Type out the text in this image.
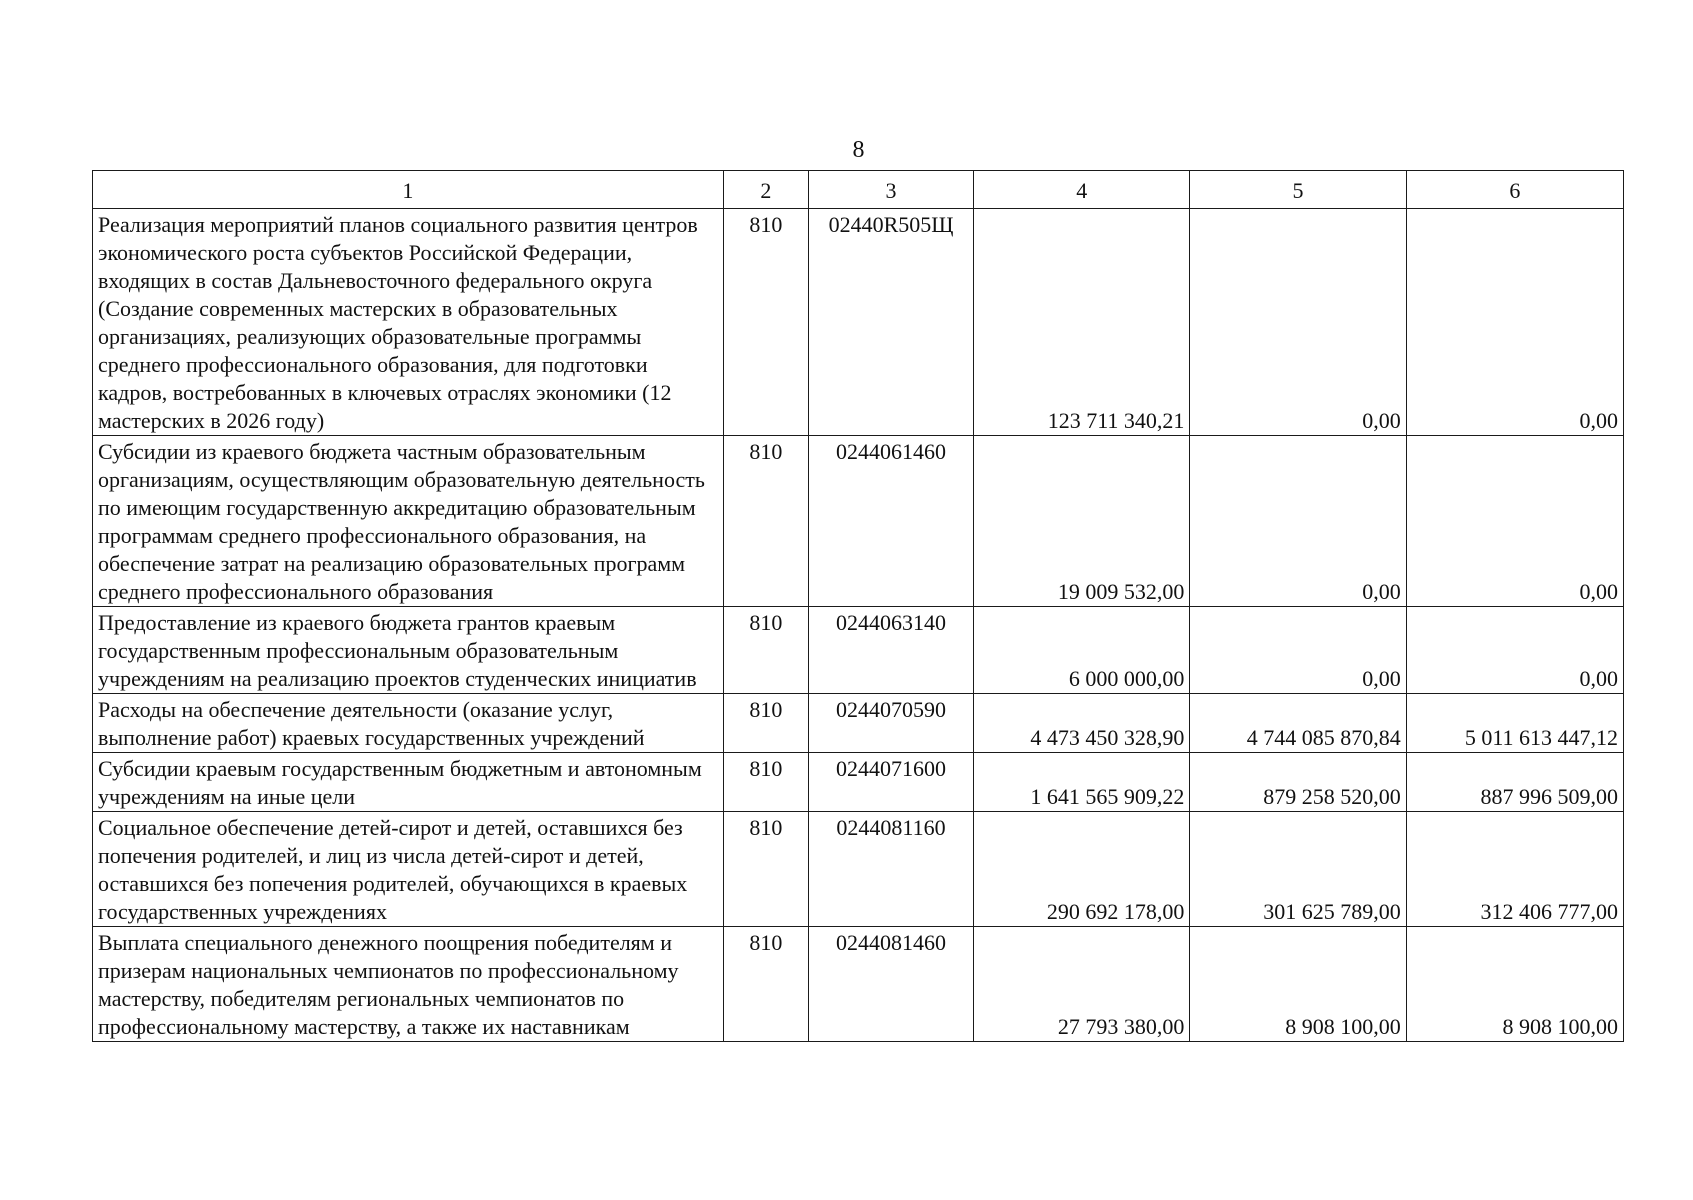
8
1	2	3	4	5	6
Реализация мероприятий планов социального развития центров экономического роста субъектов Российской Федерации, входящих в состав Дальневосточного федерального округа (Создание современных мастерских в образовательных организациях, реализующих образовательные программы среднего профессионального образования, для подготовки кадров, востребованных в ключевых отраслях экономики (12 мастерских в 2026 году)	810	02440R505Щ	123 711 340,21	0,00	0,00
Субсидии из краевого бюджета частным образовательным организациям, осуществляющим образовательную деятельность по имеющим государственную аккредитацию образовательным программам среднего профессионального образования, на обеспечение затрат на реализацию образовательных программ среднего профессионального образования	810	0244061460	19 009 532,00	0,00	0,00
Предоставление из краевого бюджета грантов краевым государственным профессиональным образовательным учреждениям на реализацию проектов студенческих инициатив	810	0244063140	6 000 000,00	0,00	0,00
Расходы на обеспечение деятельности (оказание услуг, выполнение работ) краевых государственных учреждений	810	0244070590	4 473 450 328,90	4 744 085 870,84	5 011 613 447,12
Субсидии краевым государственным бюджетным и автономным учреждениям на иные цели	810	0244071600	1 641 565 909,22	879 258 520,00	887 996 509,00
Социальное обеспечение детей-сирот и детей, оставшихся без попечения родителей, и лиц из числа детей-сирот и детей, оставшихся без попечения родителей, обучающихся в краевых государственных учреждениях	810	0244081160	290 692 178,00	301 625 789,00	312 406 777,00
Выплата специального денежного поощрения победителям и призерам национальных чемпионатов по профессиональному мастерству, победителям региональных чемпионатов по профессиональному мастерству, а также их наставникам	810	0244081460	27 793 380,00	8 908 100,00	8 908 100,00
